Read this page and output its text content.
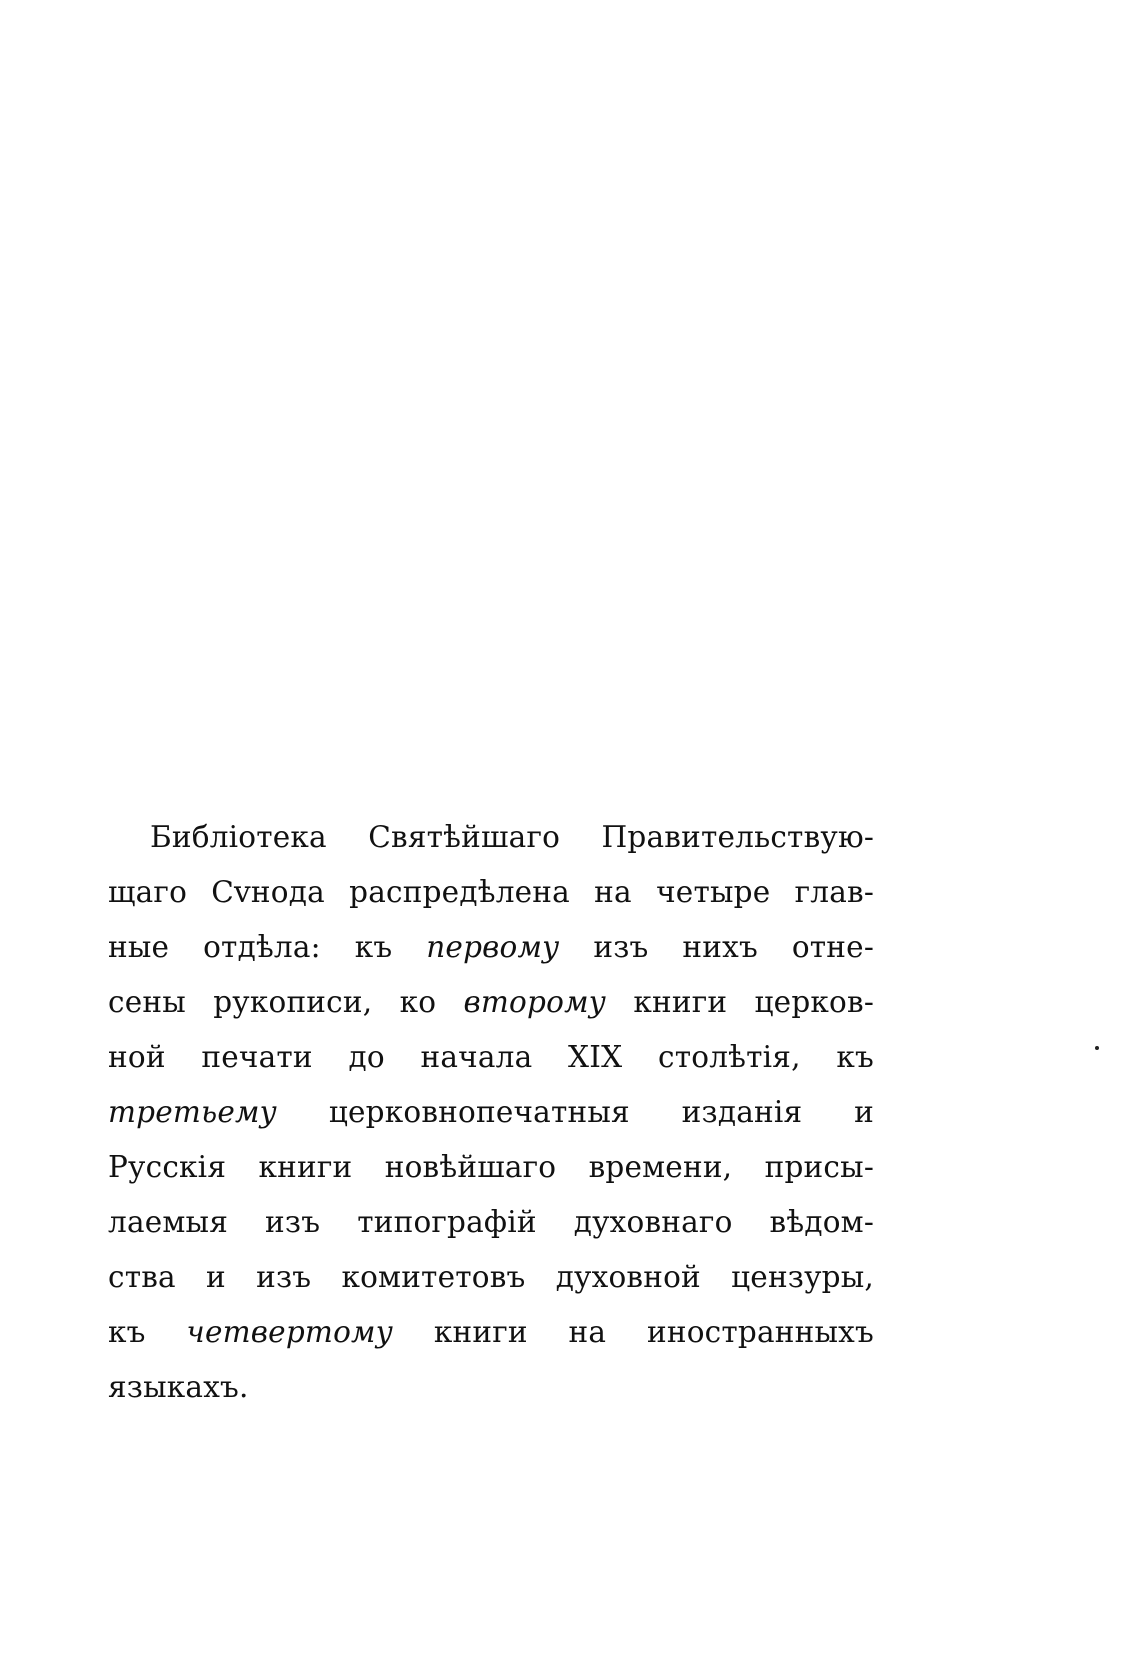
Библіотека Святѣйшаго Правительствую-
щаго Сvнода распредѣлена на четыре глав-
ные отдѣла: къ первому изъ нихъ отне-
сены рукописи, ко второму книги церков-
ной печати до начала XIX столѣтія, къ
третьему церковнопечатныя изданія и
Русскія книги новѣйшаго времени, присы-
лаемыя изъ типографій духовнаго вѣдом-
ства и изъ комитетовъ духовной цензуры,
къ четвертому книги на иностранныхъ
языкахъ.
